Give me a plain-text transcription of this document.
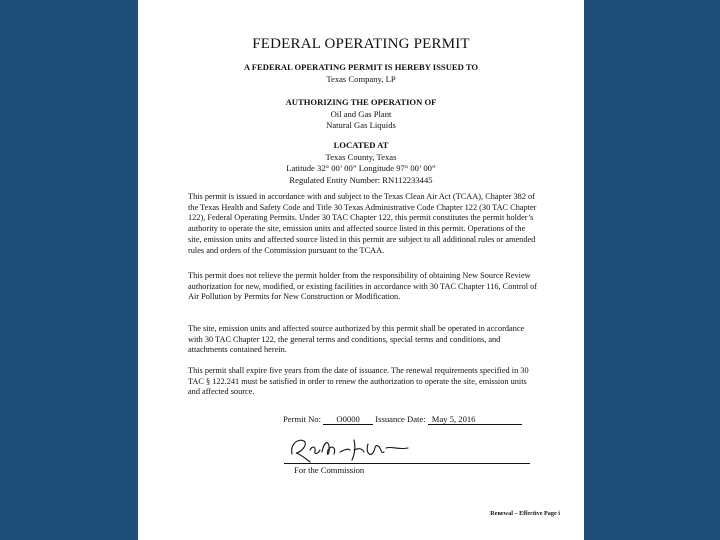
FEDERAL OPERATING PERMIT
A FEDERAL OPERATING PERMIT IS HEREBY ISSUED TO
Texas Company, LP
AUTHORIZING THE OPERATION OF
Oil and Gas Plant
Natural Gas Liquids
LOCATED AT
Texas County, Texas
Latitude 32° 00’ 00” Longitude 97° 00’ 00”
Regulated Entity Number: RN112233445
This permit is issued in accordance with and subject to the Texas Clean Air Act (TCAA), Chapter 382 of the Texas Health and Safety Code and Title 30 Texas Administrative Code Chapter 122 (30 TAC Chapter 122), Federal Operating Permits. Under 30 TAC Chapter 122, this permit constitutes the permit holder’s authority to operate the site, emission units and affected source listed in this permit. Operations of the site, emission units and affected source listed in this permit are subject to all additional rules or amended rules and orders of the Commission pursuant to the TCAA.
This permit does not relieve the permit holder from the responsibility of obtaining New Source Review authorization for new, modified, or existing facilities in accordance with 30 TAC Chapter 116, Control of Air Pollution by Permits for New Construction or Modification.
The site, emission units and affected source authorized by this permit shall be operated in accordance with 30 TAC Chapter 122, the general terms and conditions, special terms and conditions, and attachments contained herein.
This permit shall expire five years from the date of issuance. The renewal requirements specified in 30 TAC § 122.241 must be satisfied in order to renew the authorization to operate the site, emission units and affected source.
Permit No: O0000 Issuance Date: May 5, 2016
For the Commission
Renewal – Effective Page i
